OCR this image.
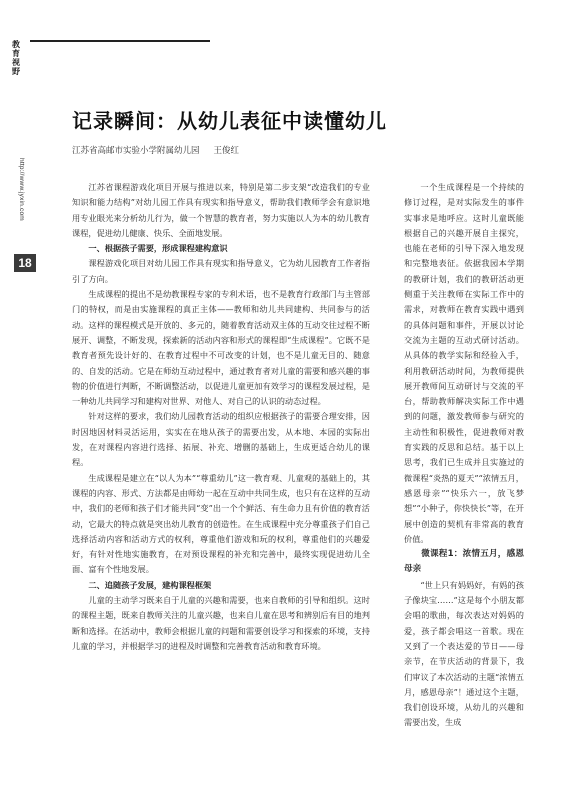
教育视野
http://www.jyxin.com
18
记录瞬间：从幼儿表征中读懂幼儿
江苏省高邮市实验小学附属幼儿园 王俊红

江苏省课程游戏化项目开展与推进以来，特别是第二步支架“改造我们的专业知识和能力结构”对幼儿园工作具有现实和指导意义，帮助我们教师学会有意识地用专业眼光来分析幼儿行为，做一个智慧的教育者，努力实施以人为本的幼儿教育课程，促进幼儿健康、快乐、全面地发展。

一、根据孩子需要，形成课程建构意识

课程游戏化项目对幼儿园工作具有现实和指导意义，它为幼儿园教育工作者指引了方向。

生成课程的提出不是幼教课程专家的专利术语，也不是教育行政部门与主管部门的特权，而是由实施课程的真正主体——教师和幼儿共同建构、共同参与的活动。这样的课程模式是开放的、多元的，随着教育活动双主体的互动交往过程不断展开、调整，不断发现，探索新的活动内容和形式的课程即“生成课程”。它既不是教育者预先设计好的、在教育过程中不可改变的计划，也不是儿童无目的、随意的、自发的活动。它是在师幼互动过程中，通过教育者对儿童的需要和感兴趣的事物的价值进行判断，不断调整活动，以促进儿童更加有效学习的课程发展过程，是一种幼儿共同学习和建构对世界、对他人、对自己的认识的动态过程。

针对这样的要求，我们幼儿园教育活动的组织应根据孩子的需要合理安排，因时因地因材料灵活运用，实实在在地从孩子的需要出发，从本地、本园的实际出发，在对课程内容进行选择、拓展、补充、增删的基础上，生成更适合幼儿的课程。

生成课程是建立在“以人为本”“尊重幼儿”这一教育观、儿童观的基础上的，其课程的内容、形式、方法都是由师幼一起在互动中共同生成，也只有在这样的互动中，我们的老师和孩子们才能共同“变”出一个个鲜活、有生命力且有价值的教育活动，它最大的特点就是突出幼儿教育的创造性。在生成课程中充分尊重孩子们自己选择活动内容和活动方式的权利，尊重他们游戏和玩的权利，尊重他们的兴趣爱好，有针对性地实施教育，在对预设课程的补充和完善中，最终实现促进幼儿全面、富有个性地发展。

二、追随孩子发展，建构课程框架

儿童的主动学习既来自于儿童的兴趣和需要，也来自教师的引导和组织。这时的课程主题，既来自教师关注的儿童兴趣，也来自儿童在思考和辨别后有目的地判断和选择。在活动中，教师会根据儿童的问题和需要创设学习和探索的环境，支持儿童的学习，并根据学习的进程及时调整和完善教育活动和教育环境。

一个生成课程是一个持续的修订过程，是对实际发生的事件实事求是地呼应。这时儿童既能根据自己的兴趣开展自主探究，也能在老师的引导下深入地发现和完整地表征。依据我园本学期的教研计划，我们的教研活动更侧重于关注教师在实际工作中的需求，对教师在教育实践中遇到的具体问题和事件，开展以讨论交流为主题的互动式研讨活动。从具体的教学实际和经验入手，利用教研活动时间，为教师提供展开教师间互动研讨与交流的平台，帮助教师解决实际工作中遇到的问题，激发教师参与研究的主动性和积极性，促进教师对教育实践的反思和总结。基于以上思考，我们已生成并且实施过的微课程“炎热的夏天”“浓情五月，感恩母亲”“快乐六一，放飞梦想”“小种子，你快快长”等，在开展中创造的契机有非常高的教育价值。

微课程1：浓情五月，感恩母亲

“世上只有妈妈好，有妈的孩子像块宝……”这是每个小朋友都会唱的歌曲，每次表达对妈妈的爱，孩子都会唱这一首歌。现在又到了一个表达爱的节日——母亲节，在节庆活动的背景下，我们审议了本次活动的主题“浓情五月，感恩母亲”！通过这个主题，我们创设环境，从幼儿的兴趣和需要出发，生成
